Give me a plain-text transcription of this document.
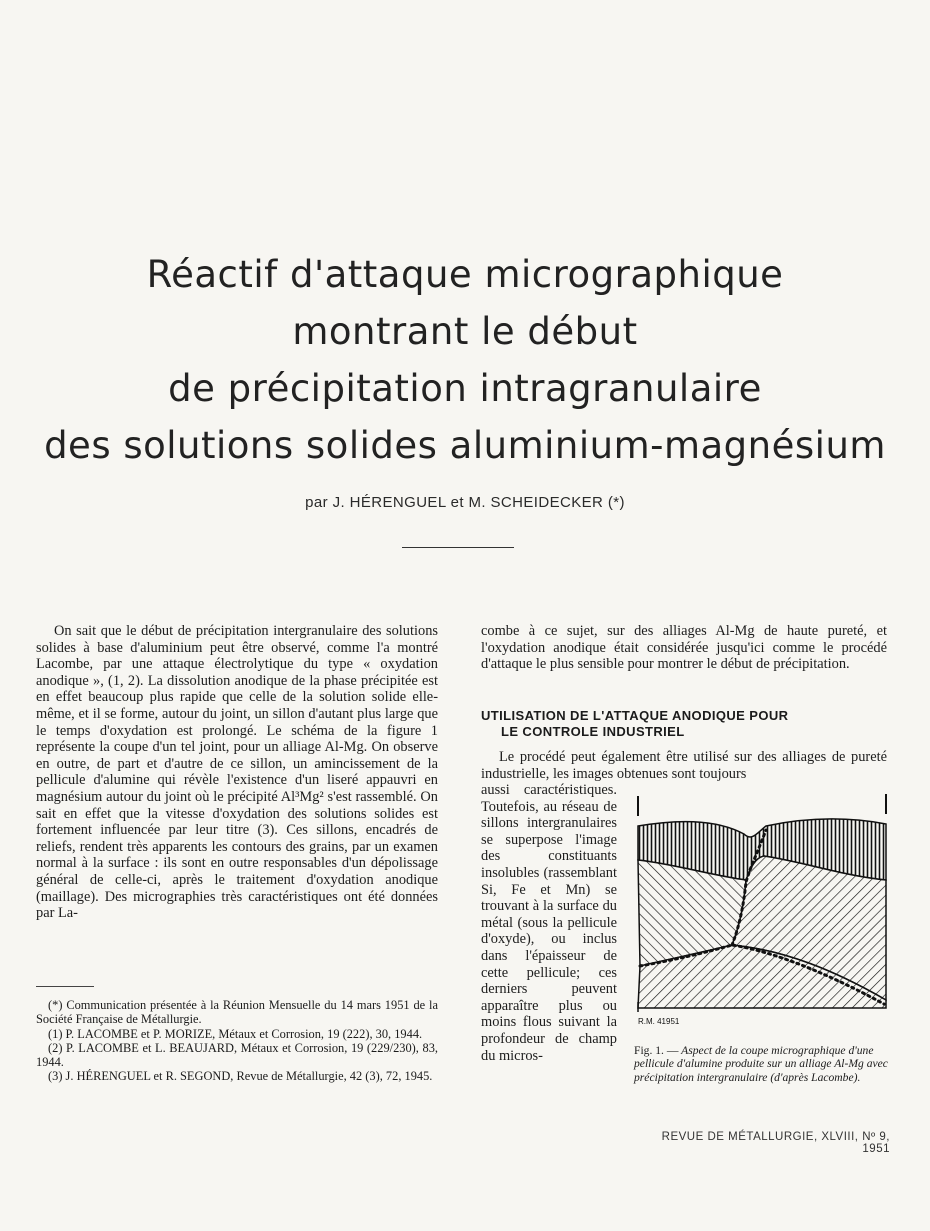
Réactif d'attaque micrographique
montrant le début
de précipitation intragranulaire
des solutions solides aluminium-magnésium
par J. HÉRENGUEL et M. SCHEIDECKER (*)

On sait que le début de précipitation intergranulaire des solutions solides à base d'aluminium peut être observé, comme l'a montré Lacombe, par une attaque électrolytique du type « oxydation anodique », (1, 2). La dissolution anodique de la phase précipitée est en effet beaucoup plus rapide que celle de la solution solide elle-même, et il se forme, autour du joint, un sillon d'autant plus large que le temps d'oxydation est prolongé. Le schéma de la figure 1 représente la coupe d'un tel joint, pour un alliage Al-Mg. On observe en outre, de part et d'autre de ce sillon, un amincissement de la pellicule d'alumine qui révèle l'existence d'un liseré appauvri en magnésium autour du joint où le précipité Al³Mg² s'est rassemblé. On sait en effet que la vitesse d'oxydation des solutions solides est fortement influencée par leur titre (3). Ces sillons, encadrés de reliefs, rendent très apparents les contours des grains, par un examen normal à la surface : ils sont en outre responsables d'un dépolissage général de celle-ci, après le traitement d'oxydation anodique (maillage). Des micrographies très caractéristiques ont été données par La-

(*) Communication présentée à la Réunion Mensuelle du 14 mars 1951 de la Société Française de Métallurgie.
(1) P. LACOMBE et P. MORIZE, Métaux et Corrosion, 19 (222), 30, 1944.
(2) P. LACOMBE et L. BEAUJARD, Métaux et Corrosion, 19 (229/230), 83, 1944.
(3) J. HÉRENGUEL et R. SEGOND, Revue de Métallurgie, 42 (3), 72, 1945.

combe à ce sujet, sur des alliages Al-Mg de haute pureté, et l'oxydation anodique était considérée jusqu'ici comme le procédé d'attaque le plus sensible pour montrer le début de précipitation.

UTILISATION DE L'ATTAQUE ANODIQUE POUR
LE CONTROLE INDUSTRIEL

Le procédé peut également être utilisé sur des alliages de pureté industrielle, les images obtenues sont toujours

aussi caractéristiques. Toutefois, au réseau de sillons intergranulaires se superpose l'image des constituants insolubles (rassemblant Si, Fe et Mn) se trouvant à la surface du métal (sous la pellicule d'oxyde), ou inclus dans l'épaisseur de cette pellicule; ces derniers peuvent apparaître plus ou moins flous suivant la profondeur de champ du micros-

R.M. 41951
Fig. 1. — Aspect de la coupe micrographique d'une pellicule d'alumine produite sur un alliage Al-Mg avec précipitation intergranulaire (d'après Lacombe).
REVUE DE MÉTALLURGIE, XLVIII, Nº 9, 1951
